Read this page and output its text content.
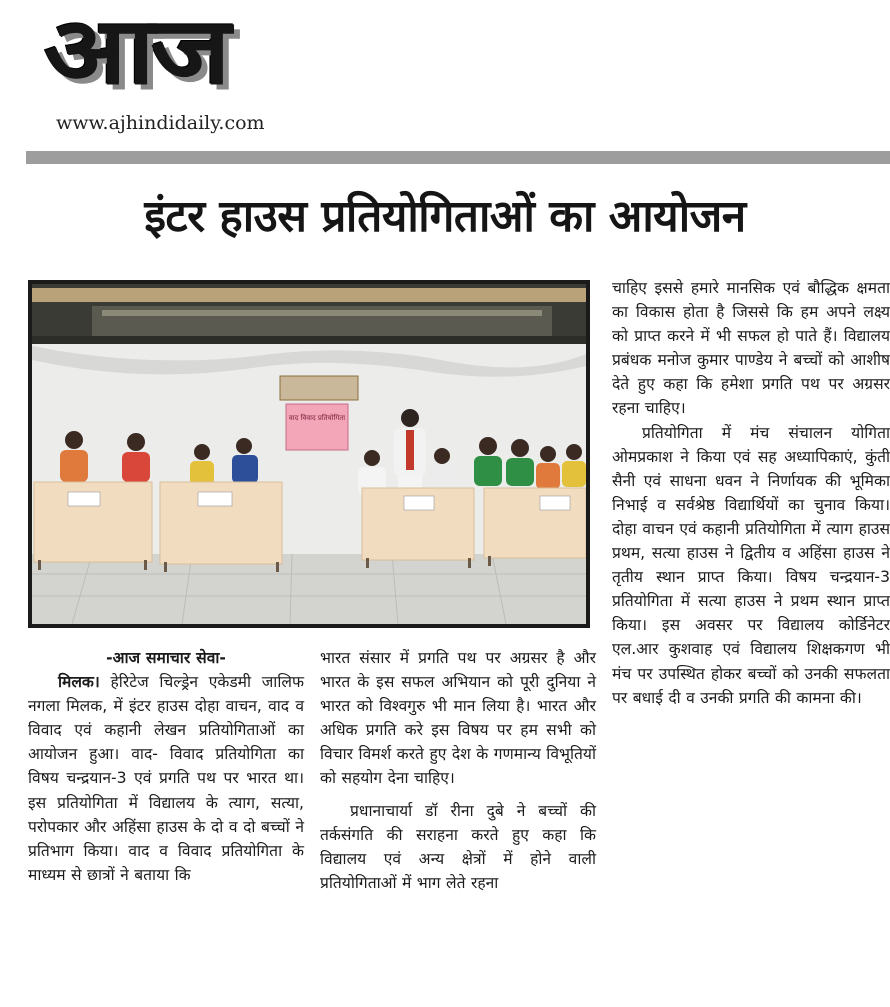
आज
www.ajhindidaily.com
इंटर हाउस प्रतियोगिताओं का आयोजन
वाद विवाद प्रतियोगिता

चाहिए इससे हमारे मानसिक एवं बौद्धिक क्षमता का विकास होता है जिससे कि हम अपने लक्ष्य को प्राप्त करने में भी सफल हो पाते हैं। विद्यालय प्रबंधक मनोज कुमार पाण्डेय ने बच्चों को आशीष देते हुए कहा कि हमेशा प्रगति पथ पर अग्रसर रहना चाहिए।

प्रतियोगिता में मंच संचालन योगिता ओमप्रकाश ने किया एवं सह अध्यापिकाएं, कुंती सैनी एवं साधना धवन ने निर्णायक की भूमिका निभाई व सर्वश्रेष्ठ विद्यार्थियों का चुनाव किया। दोहा वाचन एवं कहानी प्रतियोगिता में त्याग हाउस प्रथम, सत्या हाउस ने द्वितीय व अहिंसा हाउस ने तृतीय स्थान प्राप्त किया। विषय चन्द्रयान-3 प्रतियोगिता में सत्या हाउस ने प्रथम स्थान प्राप्त किया। इस अवसर पर विद्यालय कोर्डिनेटर एल.आर कुशवाह एवं विद्यालय शिक्षकगण भी मंच पर उपस्थित होकर बच्चों को उनकी सफलता पर बधाई दी व उनकी प्रगति की कामना की।

-आज समाचार सेवा-

मिलक। हेरिटेज चिल्ड्रेन एकेडमी जालिफ नगला मिलक, में इंटर हाउस दोहा वाचन, वाद व विवाद एवं कहानी लेखन प्रतियोगिताओं का आयोजन हुआ। वाद- विवाद प्रतियोगिता का विषय चन्द्रयान-3 एवं प्रगति पथ पर भारत था। इस प्रतियोगिता में विद्यालय के त्याग, सत्या, परोपकार और अहिंसा हाउस के दो व दो बच्चों ने प्रतिभाग किया। वाद व विवाद प्रतियोगिता के माध्यम से छात्रों ने बताया कि

भारत संसार में प्रगति पथ पर अग्रसर है और भारत के इस सफल अभियान को पूरी दुनिया ने भारत को विश्वगुरु भी मान लिया है। भारत और अधिक प्रगति करे इस विषय पर हम सभी को विचार विमर्श करते हुए देश के गणमान्य विभूतियों को सहयोग देना चाहिए।

प्रधानाचार्या डॉ रीना दुबे ने बच्चों की तर्कसंगति की सराहना करते हुए कहा कि विद्यालय एवं अन्य क्षेत्रों में होने वाली प्रतियोगिताओं में भाग लेते रहना
